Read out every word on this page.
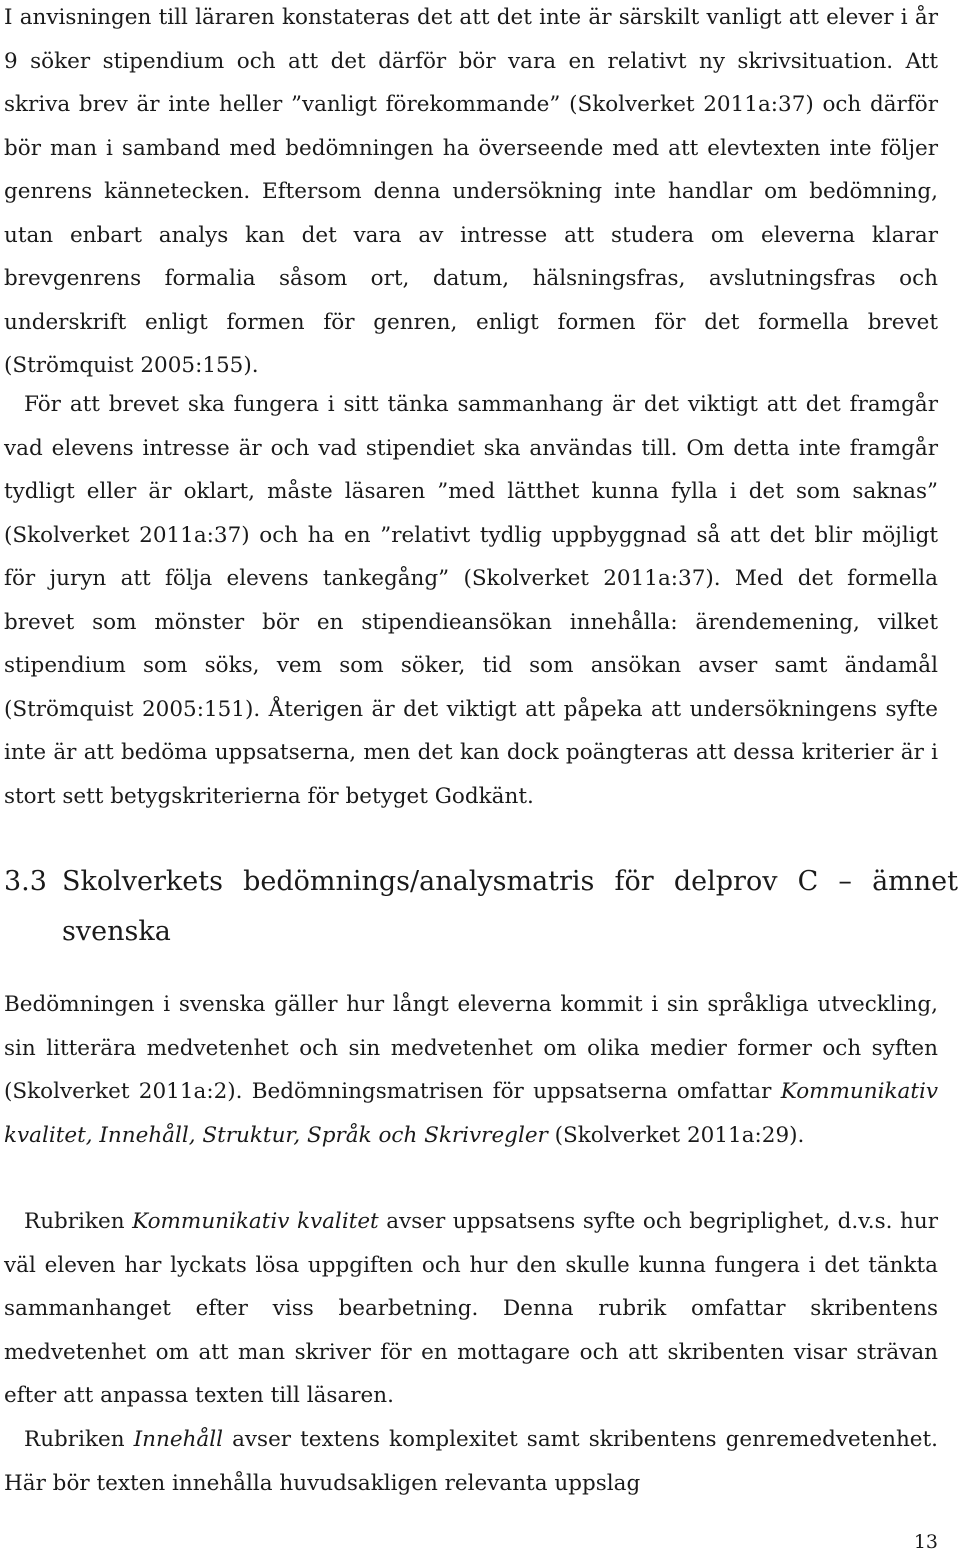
I anvisningen till läraren konstateras det att det inte är särskilt vanligt att elever i år 9 söker stipendium och att det därför bör vara en relativt ny skrivsituation. Att skriva brev är inte heller ”vanligt förekommande” (Skolverket 2011a:37) och därför bör man i samband med bedömningen ha överseende med att elevtexten inte följer genrens kännetecken. Eftersom denna undersökning inte handlar om bedömning, utan enbart analys kan det vara av intresse att studera om eleverna klarar brevgenrens formalia såsom ort, datum, hälsningsfras, avslutningsfras och underskrift enligt formen för genren, enligt formen för det formella brevet (Strömquist 2005:155).

För att brevet ska fungera i sitt tänka sammanhang är det viktigt att det framgår vad elevens intresse är och vad stipendiet ska användas till. Om detta inte framgår tydligt eller är oklart, måste läsaren ”med lätthet kunna fylla i det som saknas” (Skolverket 2011a:37) och ha en ”relativt tydlig uppbyggnad så att det blir möjligt för juryn att följa elevens tankegång” (Skolverket 2011a:37). Med det formella brevet som mönster bör en stipendieansökan innehålla: ärendemening, vilket stipendium som söks, vem som söker, tid som ansökan avser samt ändamål (Strömquist 2005:151). Återigen är det viktigt att påpeka att undersökningens syfte inte är att bedöma uppsatserna, men det kan dock poängteras att dessa kriterier är i stort sett betygskriterierna för betyget Godkänt.

3.3 Skolverkets bedömnings/analysmatris för delprov C – ämnet svenska

Bedömningen i svenska gäller hur långt eleverna kommit i sin språkliga utveckling, sin litterära medvetenhet och sin medvetenhet om olika medier former och syften (Skolverket 2011a:2). Bedömningsmatrisen för uppsatserna omfattar Kommunikativ kvalitet, Innehåll, Struktur, Språk och Skrivregler (Skolverket 2011a:29).

Rubriken Kommunikativ kvalitet avser uppsatsens syfte och begriplighet, d.v.s. hur väl eleven har lyckats lösa uppgiften och hur den skulle kunna fungera i det tänkta sammanhanget efter viss bearbetning. Denna rubrik omfattar skribentens medvetenhet om att man skriver för en mottagare och att skribenten visar strävan efter att anpassa texten till läsaren.

Rubriken Innehåll avser textens komplexitet samt skribentens genremedvetenhet. Här bör texten innehålla huvudsakligen relevanta uppslag

13
